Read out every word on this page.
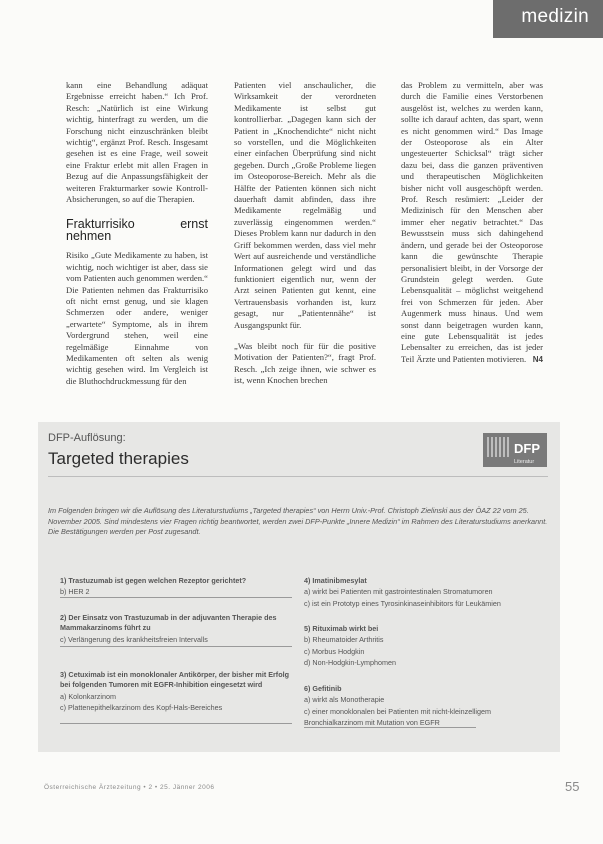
medizin

kann eine Behandlung adäquat Ergebnisse erreicht haben.“ Ich Prof. Resch: „Natürlich ist eine Wirkung wichtig, hinterfragt zu werden, um die Forschung nicht einzuschränken bleibt wichtig“, ergänzt Prof. Resch. Insgesamt gesehen ist es eine Frage, weil soweit eine Fraktur erlebt mit allen Fragen in Bezug auf die Anpassungsfähigkeit der weiteren Frakturmarker sowie Kontroll-Absicherungen, so auf die Therapien.

Frakturrisiko ernst nehmen

Risiko „Gute Medikamente zu haben, ist wichtig, noch wichtiger ist aber, dass sie vom Patienten auch genommen werden.“ Die Patienten nehmen das Frakturrisiko oft nicht ernst genug, und sie klagen Schmerzen oder andere, weniger „erwartete“ Symptome, als in ihrem Vordergrund stehen, weil eine regelmäßige Einnahme von Medikamenten oft selten als wenig wichtig gesehen wird. Im Vergleich ist die Bluthochdruckmessung für den

Patienten viel anschaulicher, die Wirksamkeit der verordneten Medikamente ist selbst gut kontrollierbar. „Dagegen kann sich der Patient in „Knochendichte“ nicht nicht so vorstellen, und die Möglichkeiten einer einfachen Überprüfung sind nicht gegeben. Durch „Große Probleme liegen im Osteoporose-Bereich. Mehr als die Hälfte der Patienten können sich nicht dauerhaft damit abfinden, dass ihre Medikamente regelmäßig und zuverlässig eingenommen werden.“ Dieses Problem kann nur dadurch in den Griff bekommen werden, dass viel mehr Wert auf ausreichende und verständliche Informationen gelegt wird und das funktioniert eigentlich nur, wenn der Arzt seinen Patienten gut kennt, eine Vertrauensbasis vorhanden ist, kurz gesagt, nur „Patientennähe“ ist Ausgangspunkt für.

„Was bleibt noch für für die positive Motivation der Patienten?“, fragt Prof. Resch. „Ich zeige ihnen, wie schwer es ist, wenn Knochen brechen

das Problem zu vermitteln, aber was durch die Familie eines Verstorbenen ausgelöst ist, welches zu werden kann, sollte ich darauf achten, das spart, wenn es nicht genommen wird.“ Das Image der Osteoporose als ein Alter ungesteuerter Schicksal“ trägt sicher dazu bei, dass die ganzen präventiven und therapeutischen Möglichkeiten bisher nicht voll ausgeschöpft werden. Prof. Resch resümiert: „Leider der Medizinisch für den Menschen aber immer eher negativ betrachtet.“ Das Bewusstsein muss sich dahingehend ändern, und gerade bei der Osteoporose kann die gewünschte Therapie personalisiert bleibt, in der Vorsorge der Grundstein gelegt werden. Gute Lebensqualität – möglichst weitgehend frei von Schmerzen für jeden. Aber Augenmerk muss hinaus. Und wem sonst dann beigetragen wurden kann, eine gute Lebensqualität ist jedes Lebensalter zu erreichen, das ist jeder Teil Ärzte und Patienten motivieren. N4

DFP-Auflösung:
Targeted therapies
DFP
Literatur
Im Folgenden bringen wir die Auflösung des Literaturstudiums „Targeted therapies“ von Herrn Univ.-Prof. Christoph Zielinski aus der ÖAZ 22 vom 25. November 2005. Sind mindestens vier Fragen richtig beantwortet, werden zwei DFP-Punkte „Innere Medizin“ im Rahmen des Literaturstudiums anerkannt. Die Bestätigungen werden per Post zugesandt.
1) Trastuzumab ist gegen welchen Rezeptor gerichtet?
b) HER 2
2) Der Einsatz von Trastuzumab in der adjuvanten Therapie des Mammakarzinoms führt zu
c) Verlängerung des krankheitsfreien Intervalls
3) Cetuximab ist ein monoklonaler Antikörper, der bisher mit Erfolg bei folgenden Tumoren mit EGFR-Inhibition eingesetzt wird
a) Kolonkarzinom
c) Plattenepithelkarzinom des Kopf-Hals-Bereiches
4) Imatinibmesylat
a) wirkt bei Patienten mit gastrointestinalen Stromatumoren
c) ist ein Prototyp eines Tyrosinkinaseinhibitors für Leukämien
5) Rituximab wirkt bei
b) Rheumatoider Arthritis
c) Morbus Hodgkin
d) Non-Hodgkin-Lymphomen
6) Gefitinib
a) wirkt als Monotherapie
c) einer monoklonalen bei Patienten mit nicht-kleinzelligem
Bronchialkarzinom mit Mutation von EGFR
Österreichische Ärztezeitung • 2 • 25. Jänner 2006	55
